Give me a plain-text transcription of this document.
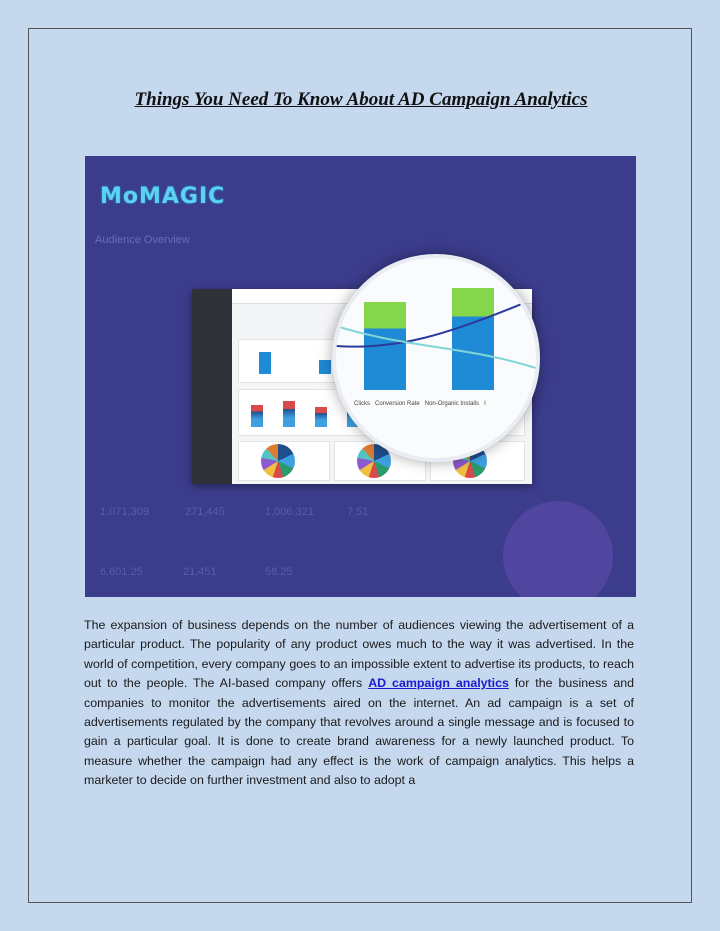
Things You Need To Know About AD Campaign Analytics
MoMAGIC
Audience Overview
1,071,309	271,445	1,006,321	7,51
6,601.25	21,451	58.25
Clicks Conversion Rate Non-Organic Installs I
The expansion of business depends on the number of audiences viewing the advertisement of a particular product. The popularity of any product owes much to the way it was advertised. In the world of competition, every company goes to an impossible extent to advertise its products, to reach out to the people. The AI-based company offers AD campaign analytics for the business and companies to monitor the advertisements aired on the internet. An ad campaign is a set of advertisements regulated by the company that revolves around a single message and is focused to gain a particular goal. It is done to create brand awareness for a newly launched product. To measure whether the campaign had any effect is the work of campaign analytics. This helps a marketer to decide on further investment and also to adopt a
